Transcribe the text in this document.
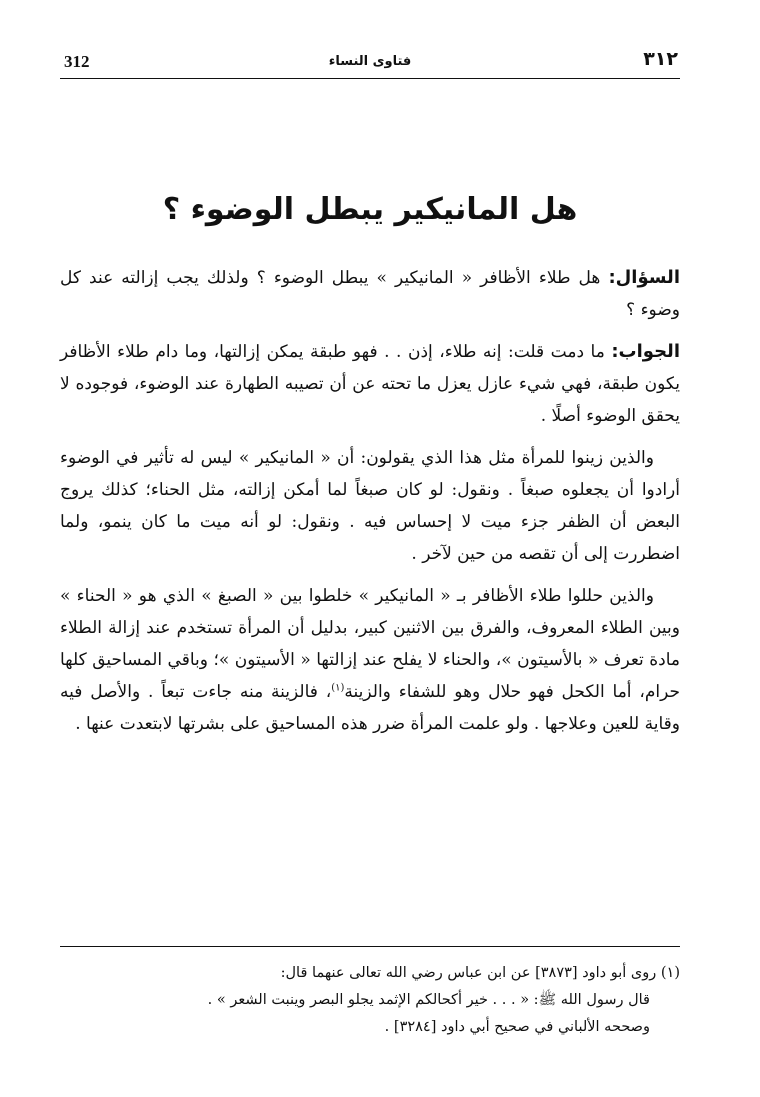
312	فتاوى النساء	٣١٢
هل المانيكير يبطل الوضوء ؟

السؤال: هل طلاء الأظافر « المانيكير » يبطل الوضوء ؟ ولذلك يجب إزالته عند كل وضوء ؟

الجواب: ما دمت قلت: إنه طلاء، إذن . . فهو طبقة يمكن إزالتها، وما دام طلاء الأظافر يكون طبقة، فهي شيء عازل يعزل ما تحته عن أن تصيبه الطهارة عند الوضوء، فوجوده لا يحقق الوضوء أصلًا .

والذين زينوا للمرأة مثل هذا الذي يقولون: أن « المانيكير » ليس له تأثير في الوضوء أرادوا أن يجعلوه صبغاً . ونقول: لو كان صبغاً لما أمكن إزالته، مثل الحناء؛ كذلك يروج البعض أن الظفر جزء ميت لا إحساس فيه . ونقول: لو أنه ميت ما كان ينمو، ولما اضطررت إلى أن تقصه من حين لآخر .

والذين حللوا طلاء الأظافر بـ « المانيكير » خلطوا بين « الصبغ » الذي هو « الحناء » وبين الطلاء المعروف، والفرق بين الاثنين كبير، بدليل أن المرأة تستخدم عند إزالة الطلاء مادة تعرف « بالأسيتون »، والحناء لا يفلح عند إزالتها « الأسيتون »؛ وباقي المساحيق كلها حرام، أما الكحل فهو حلال وهو للشفاء والزينة$^{(١)}$، فالزينة منه جاءت تبعاً . والأصل فيه وقاية للعين وعلاجها . ولو علمت المرأة ضرر هذه المساحيق على بشرتها لابتعدت عنها .

(١) روى أبو داود [٣٨٧٣] عن ابن عباس رضي الله تعالى عنهما قال:
قال رسول الله ﷺ: « . . . خير أكحالكم الإثمد يجلو البصر وينبت الشعر » .
وصححه الألباني في صحيح أبي داود [٣٢٨٤] .
